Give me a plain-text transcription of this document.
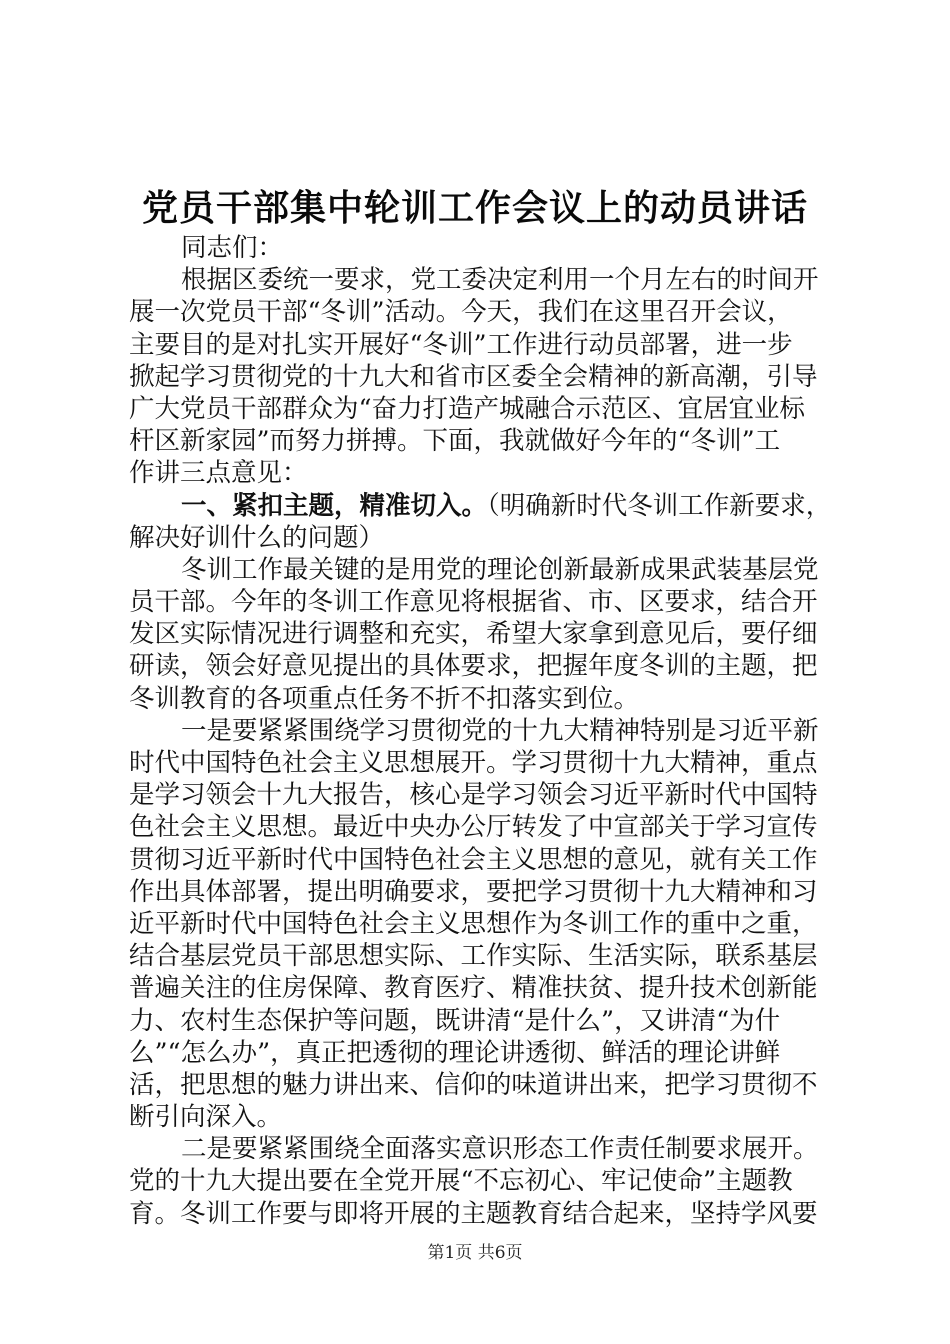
党员干部集中轮训工作会议上的动员讲话
同志们：
根据区委统一要求，党工委决定利用一个月左右的时间开
展一次党员干部“冬训”活动。今天，我们在这里召开会议，
主要目的是对扎实开展好“冬训”工作进行动员部署，进一步
掀起学习贯彻党的十九大和省市区委全会精神的新高潮，引导
广大党员干部群众为“奋力打造产城融合示范区、宜居宜业标
杆区新家园”而努力拼搏。下面，我就做好今年的“冬训”工
作讲三点意见：
一、紧扣主题，精准切入。（明确新时代冬训工作新要求，
解决好训什么的问题）
冬训工作最关键的是用党的理论创新最新成果武装基层党
员干部。今年的冬训工作意见将根据省、市、区要求，结合开
发区实际情况进行调整和充实，希望大家拿到意见后，要仔细
研读，领会好意见提出的具体要求，把握年度冬训的主题，把
冬训教育的各项重点任务不折不扣落实到位。
一是要紧紧围绕学习贯彻党的十九大精神特别是习近平新
时代中国特色社会主义思想展开。学习贯彻十九大精神，重点
是学习领会十九大报告，核心是学习领会习近平新时代中国特
色社会主义思想。最近中央办公厅转发了中宣部关于学习宣传
贯彻习近平新时代中国特色社会主义思想的意见，就有关工作
作出具体部署，提出明确要求，要把学习贯彻十九大精神和习
近平新时代中国特色社会主义思想作为冬训工作的重中之重，
结合基层党员干部思想实际、工作实际、生活实际，联系基层
普遍关注的住房保障、教育医疗、精准扶贫、提升技术创新能
力、农村生态保护等问题，既讲清“是什么”，又讲清“为什
么”“怎么办”，真正把透彻的理论讲透彻、鲜活的理论讲鲜
活，把思想的魅力讲出来、信仰的味道讲出来，把学习贯彻不
断引向深入。
二是要紧紧围绕全面落实意识形态工作责任制要求展开。
党的十九大提出要在全党开展“不忘初心、牢记使命”主题教
育。冬训工作要与即将开展的主题教育结合起来，坚持学风要
第1页 共6页
